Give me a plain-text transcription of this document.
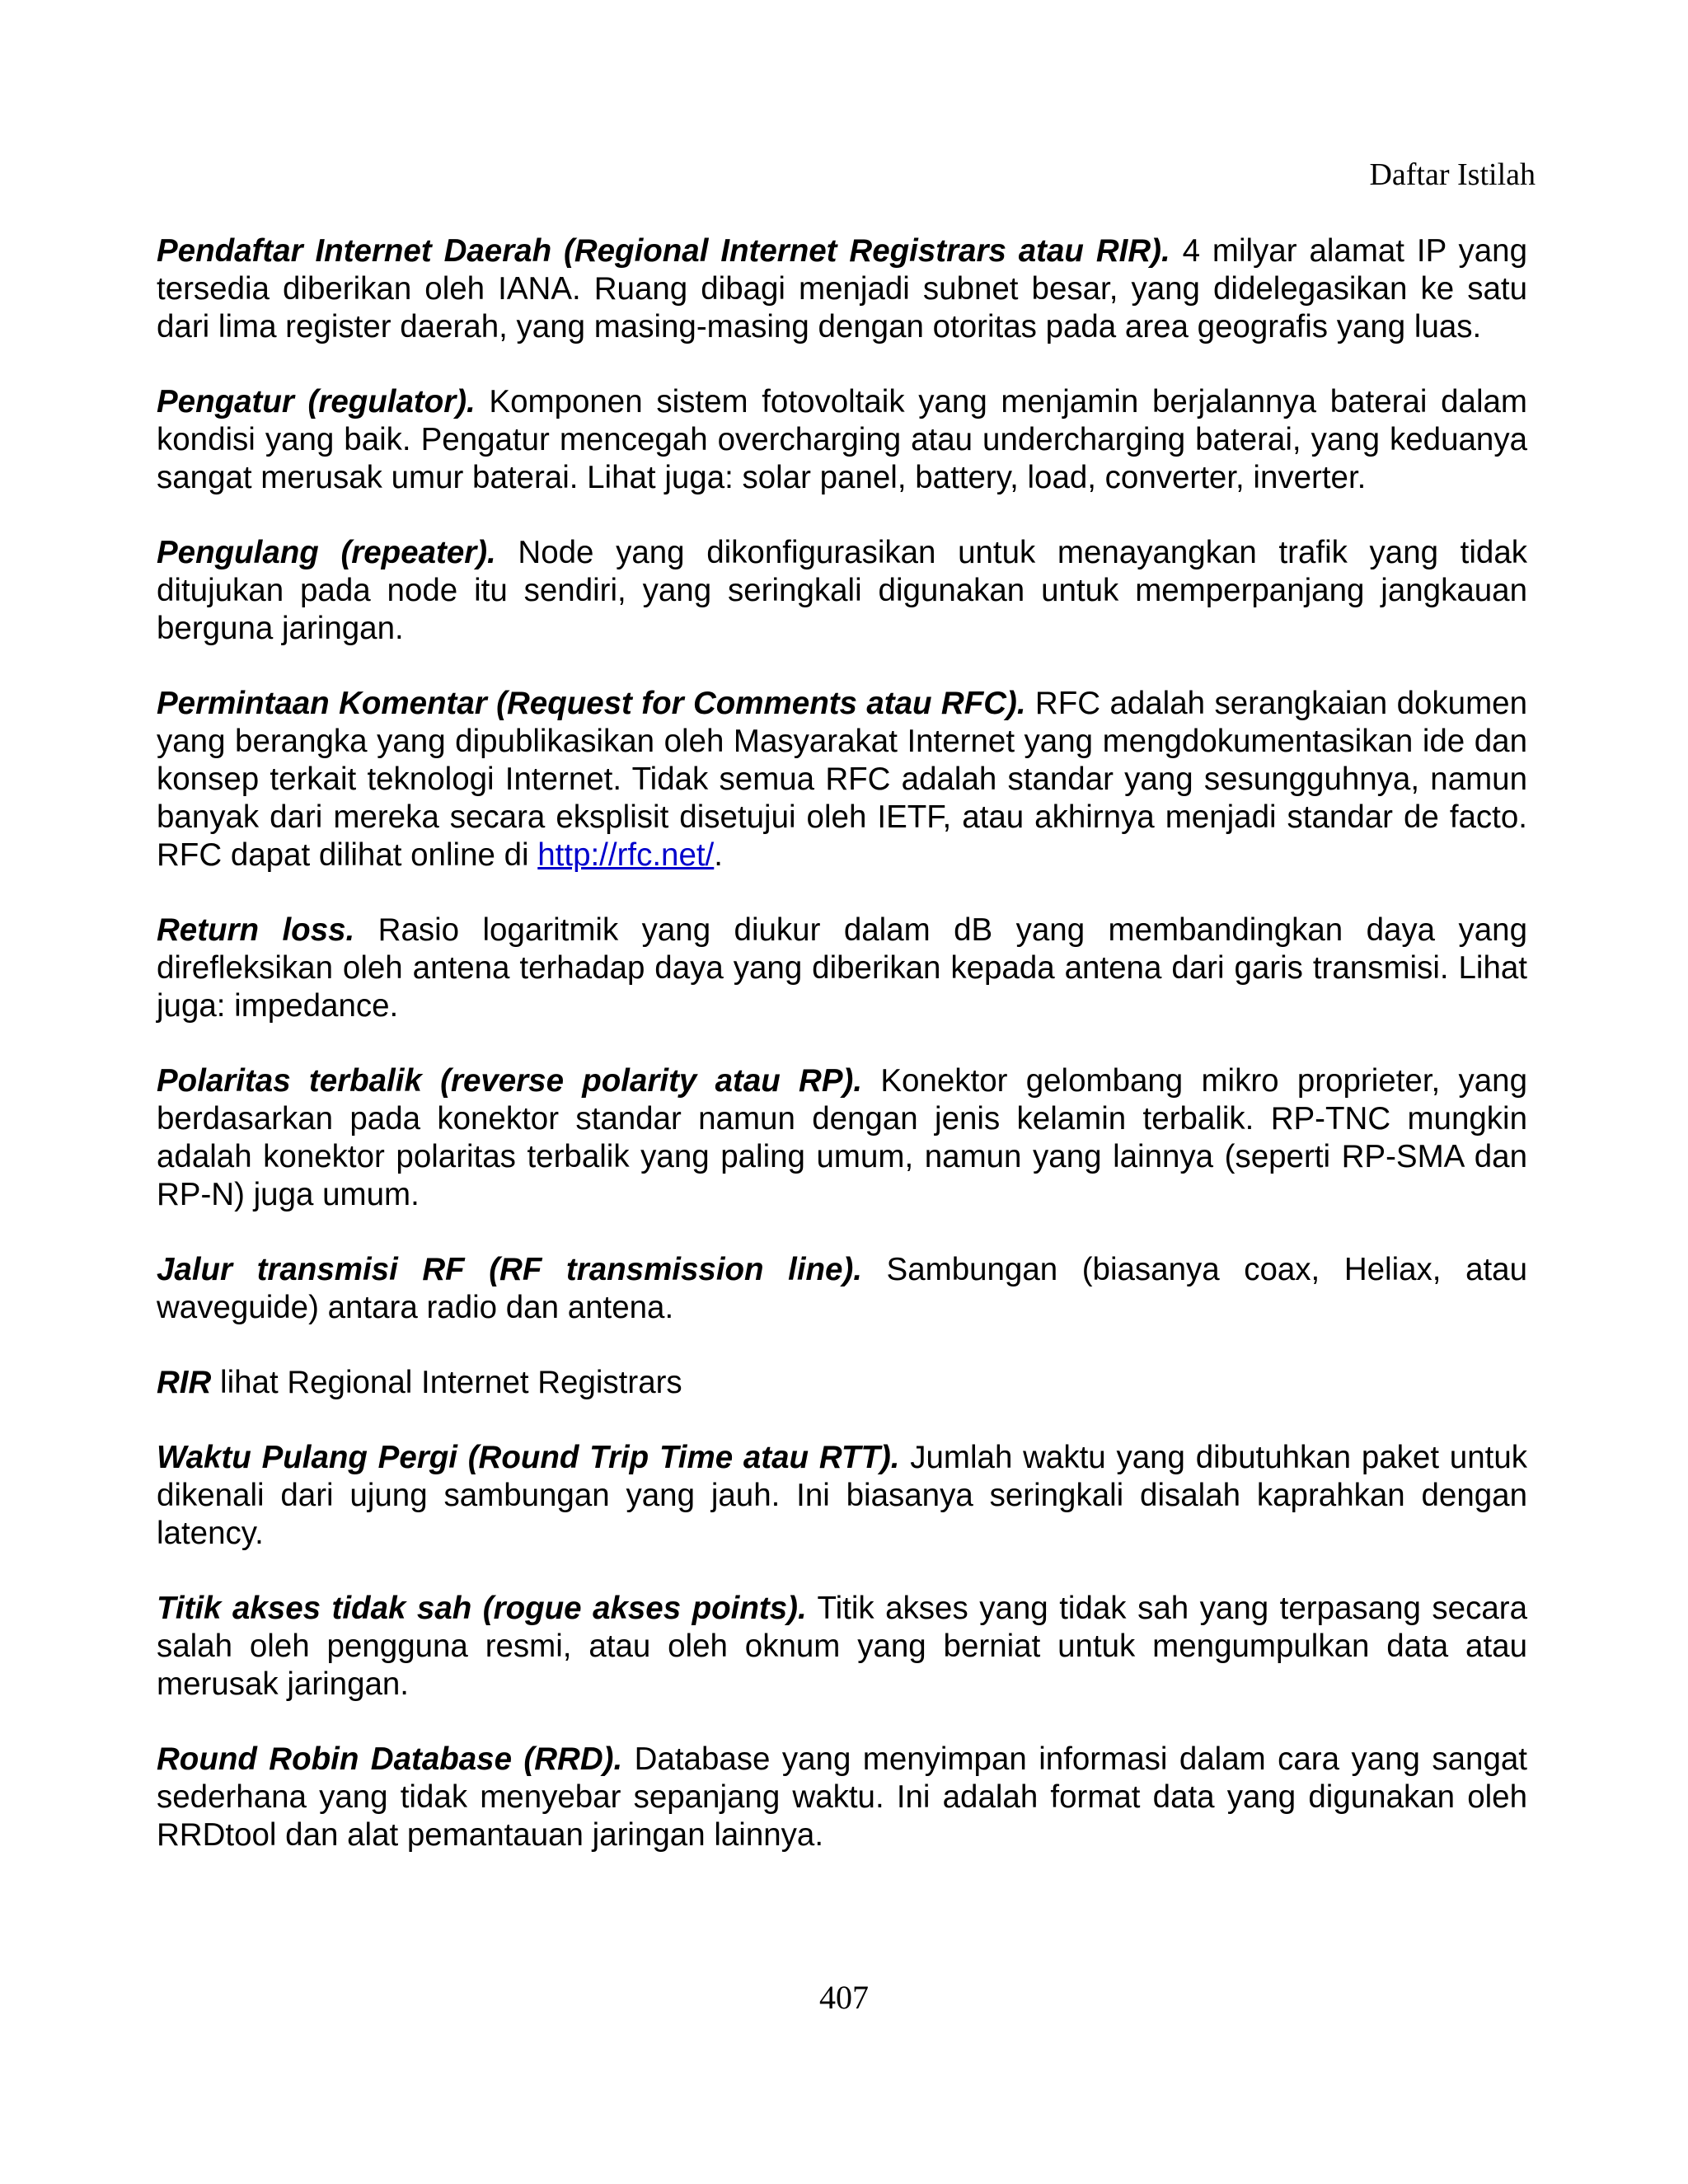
Daftar Istilah

Pendaftar Internet Daerah (Regional Internet Registrars atau RIR). 4 milyar alamat IP yang tersedia diberikan oleh IANA. Ruang dibagi menjadi subnet besar, yang didelegasikan ke satu dari lima register daerah, yang masing-masing dengan otoritas pada area geografis yang luas.

Pengatur (regulator). Komponen sistem fotovoltaik yang menjamin berjalannya baterai dalam kondisi yang baik. Pengatur mencegah overcharging atau undercharging baterai, yang keduanya sangat merusak umur baterai. Lihat juga: solar panel, battery, load, converter, inverter.

Pengulang (repeater). Node yang dikonfigurasikan untuk menayangkan trafik yang tidak ditujukan pada node itu sendiri, yang seringkali digunakan untuk memperpanjang jangkauan berguna jaringan.

Permintaan Komentar (Request for Comments atau RFC). RFC adalah serangkaian dokumen yang berangka yang dipublikasikan oleh Masyarakat Internet yang mengdokumentasikan ide dan konsep terkait teknologi Internet. Tidak semua RFC adalah standar yang sesungguhnya, namun banyak dari mereka secara eksplisit disetujui oleh IETF, atau akhirnya menjadi standar de facto. RFC dapat dilihat online di http://rfc.net/.

Return loss. Rasio logaritmik yang diukur dalam dB yang membandingkan daya yang direfleksikan oleh antena terhadap daya yang diberikan kepada antena dari garis transmisi. Lihat juga: impedance.

Polaritas terbalik (reverse polarity atau RP). Konektor gelombang mikro proprieter, yang berdasarkan pada konektor standar namun dengan jenis kelamin terbalik. RP-TNC mungkin adalah konektor polaritas terbalik yang paling umum, namun yang lainnya (seperti RP-SMA dan RP-N) juga umum.

Jalur transmisi RF (RF transmission line). Sambungan (biasanya coax, Heliax, atau waveguide) antara radio dan antena.

RIR lihat Regional Internet Registrars

Waktu Pulang Pergi (Round Trip Time atau RTT). Jumlah waktu yang dibutuhkan paket untuk dikenali dari ujung sambungan yang jauh. Ini biasanya seringkali disalah kaprahkan dengan latency.

Titik akses tidak sah (rogue akses points). Titik akses yang tidak sah yang terpasang secara salah oleh pengguna resmi, atau oleh oknum yang berniat untuk mengumpulkan data atau merusak jaringan.

Round Robin Database (RRD). Database yang menyimpan informasi dalam cara yang sangat sederhana yang tidak menyebar sepanjang waktu. Ini adalah format data yang digunakan oleh RRDtool dan alat pemantauan jaringan lainnya.

407
